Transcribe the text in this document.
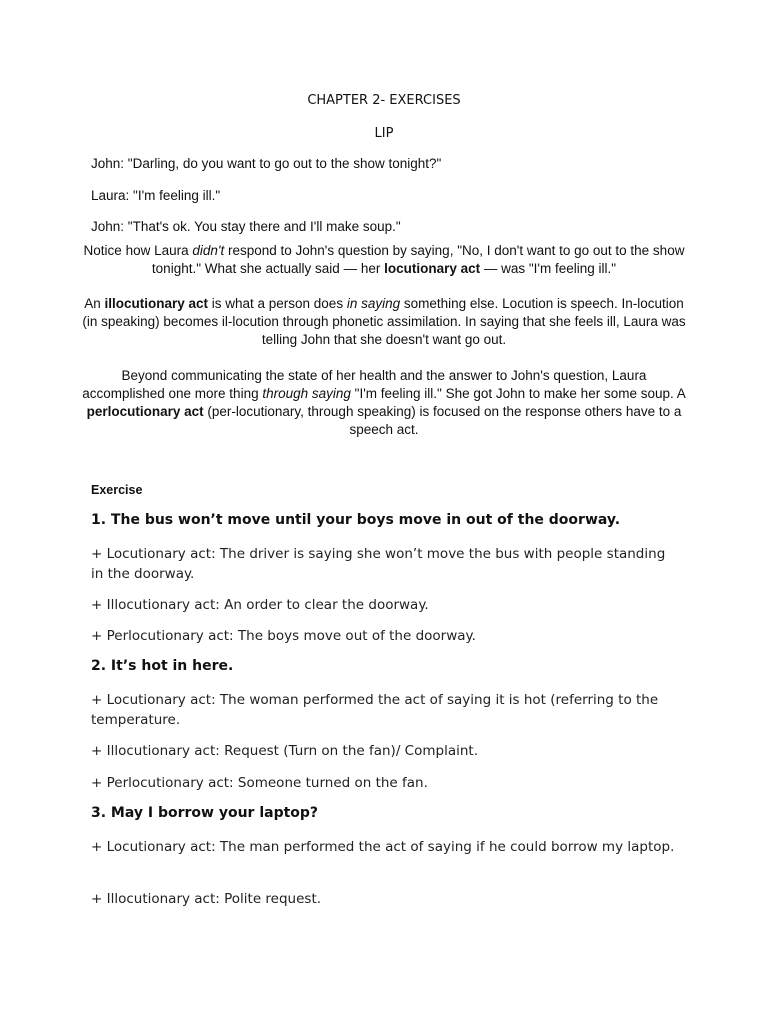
CHAPTER 2- EXERCISES
LIP
John: "Darling, do you want to go out to the show tonight?"
Laura: "I'm feeling ill."
John: "That's ok. You stay there and I'll make soup."
Notice how Laura didn't respond to John's question by saying, "No, I don't want to go out to the show tonight." What she actually said — her locutionary act — was "I'm feeling ill."
An illocutionary act is what a person does in saying something else. Locution is speech. In-locution (in speaking) becomes il-locution through phonetic assimilation. In saying that she feels ill, Laura was telling John that she doesn't want go out.
Beyond communicating the state of her health and the answer to John's question, Laura accomplished one more thing through saying "I'm feeling ill." She got John to make her some soup. A perlocutionary act (per-locutionary, through speaking) is focused on the response others have to a speech act.
Exercise
1. The bus won’t move until your boys move in out of the doorway.
+ Locutionary act: The driver is saying she won’t move the bus with people standing in the doorway.
+ Illocutionary act: An order to clear the doorway.
+ Perlocutionary act: The boys move out of the doorway.
2. It’s hot in here.
+ Locutionary act: The woman performed the act of saying it is hot (referring to the temperature.
+ Illocutionary act: Request (Turn on the fan)/ Complaint.
+ Perlocutionary act: Someone turned on the fan.
3. May I borrow your laptop?
+ Locutionary act: The man performed the act of saying if he could borrow my laptop.
+ Illocutionary act: Polite request.
